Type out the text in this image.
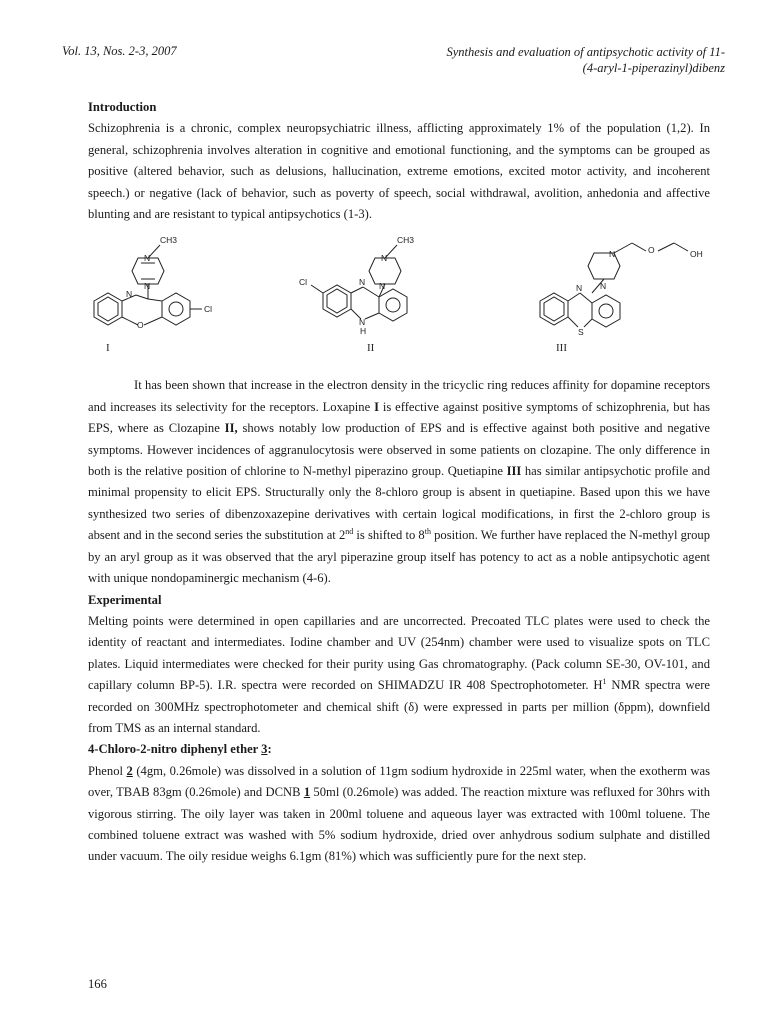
Vol. 13, Nos. 2-3, 2007	Synthesis and evaluation of antipsychotic activity of 11-
(4-aryl-1-piperazinyl)dibenz

Introduction

Schizophrenia is a chronic, complex neuropsychiatric illness, afflicting approximately 1% of the population (1,2). In general, schizophrenia involves alteration in cognitive and emotional functioning, and the symptoms can be grouped as positive (altered behavior, such as delusions, hallucination, extreme emotions, excited motor activity, and incoherent speech.) or negative (lack of behavior, such as poverty of speech, social withdrawal, avolition, anhedonia and affective blunting and are resistant to typical antipsychotics (1-3).

CH3
N
N
N
O
Cl
I
CH3
N
N
N
Cl
N
H
II
O	OH
N
N
N
S
III

It has been shown that increase in the electron density in the tricyclic ring reduces affinity for dopamine receptors and increases its selectivity for the receptors. Loxapine I is effective against positive symptoms of schizophrenia, but has EPS, where as Clozapine II, shows notably low production of EPS and is effective against both positive and negative symptoms. However incidences of aggranulocytosis were observed in some patients on clozapine. The only difference in both is the relative position of chlorine to N-methyl piperazino group. Quetiapine III has similar antipsychotic profile and minimal propensity to elicit EPS. Structurally only the 8-chloro group is absent in quetiapine. Based upon this we have synthesized two series of dibenzoxazepine derivatives with certain logical modifications, in first the 2-chloro group is absent and in the second series the substitution at 2nd is shifted to 8th position. We further have replaced the N-methyl group by an aryl group as it was observed that the aryl piperazine group itself has potency to act as a noble antipsychotic agent with unique nondopaminergic mechanism (4-6).

Experimental

Melting points were determined in open capillaries and are uncorrected. Precoated TLC plates were used to check the identity of reactant and intermediates. Iodine chamber and UV (254nm) chamber were used to visualize spots on TLC plates. Liquid intermediates were checked for their purity using Gas chromatography. (Pack column SE-30, OV-101, and capillary column BP-5). I.R. spectra were recorded on SHIMADZU IR 408 Spectrophotometer. $H^1$ NMR spectra were recorded on 300MHz spectrophotometer and chemical shift (δ) were expressed in parts per million (δppm), downfield from TMS as an internal standard.

4-Chloro-2-nitro diphenyl ether 3:

Phenol 2 (4gm, 0.26mole) was dissolved in a solution of 11gm sodium hydroxide in 225ml water, when the exotherm was over, TBAB 83gm (0.26mole) and DCNB 1 50ml (0.26mole) was added. The reaction mixture was refluxed for 30hrs with vigorous stirring. The oily layer was taken in 200ml toluene and aqueous layer was extracted with 100ml toluene. The combined toluene extract was washed with 5% sodium hydroxide, dried over anhydrous sodium sulphate and distilled under vacuum. The oily residue weighs 6.1gm (81%) which was sufficiently pure for the next step.

166
